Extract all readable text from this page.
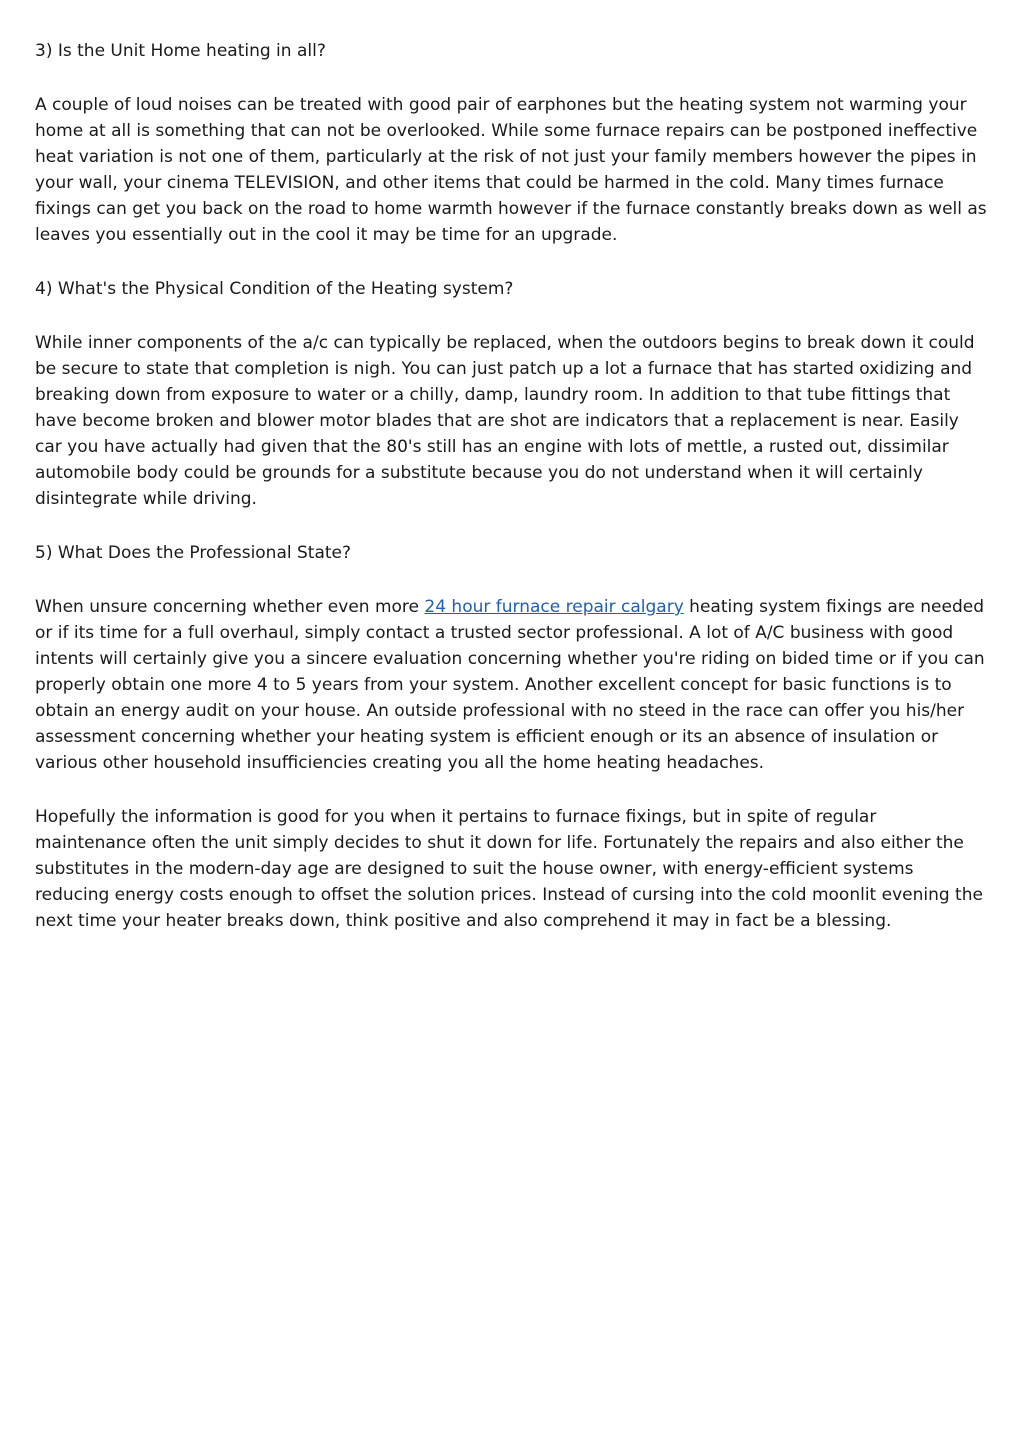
3) Is the Unit Home heating in all?

A couple of loud noises can be treated with good pair of earphones but the heating system not warming your home at all is something that can not be overlooked. While some furnace repairs can be postponed ineffective heat variation is not one of them, particularly at the risk of not just your family members however the pipes in your wall, your cinema TELEVISION, and other items that could be harmed in the cold. Many times furnace fixings can get you back on the road to home warmth however if the furnace constantly breaks down as well as leaves you essentially out in the cool it may be time for an upgrade.

4) What's the Physical Condition of the Heating system?

While inner components of the a/c can typically be replaced, when the outdoors begins to break down it could be secure to state that completion is nigh. You can just patch up a lot a furnace that has started oxidizing and breaking down from exposure to water or a chilly, damp, laundry room. In addition to that tube fittings that have become broken and blower motor blades that are shot are indicators that a replacement is near. Easily car you have actually had given that the 80's still has an engine with lots of mettle, a rusted out, dissimilar automobile body could be grounds for a substitute because you do not understand when it will certainly disintegrate while driving.

5) What Does the Professional State?

When unsure concerning whether even more 24 hour furnace repair calgary heating system fixings are needed or if its time for a full overhaul, simply contact a trusted sector professional. A lot of A/C business with good intents will certainly give you a sincere evaluation concerning whether you're riding on bided time or if you can properly obtain one more 4 to 5 years from your system. Another excellent concept for basic functions is to obtain an energy audit on your house. An outside professional with no steed in the race can offer you his/her assessment concerning whether your heating system is efficient enough or its an absence of insulation or various other household insufficiencies creating you all the home heating headaches.

Hopefully the information is good for you when it pertains to furnace fixings, but in spite of regular maintenance often the unit simply decides to shut it down for life. Fortunately the repairs and also either the substitutes in the modern-day age are designed to suit the house owner, with energy-efficient systems reducing energy costs enough to offset the solution prices. Instead of cursing into the cold moonlit evening the next time your heater breaks down, think positive and also comprehend it may in fact be a blessing.
